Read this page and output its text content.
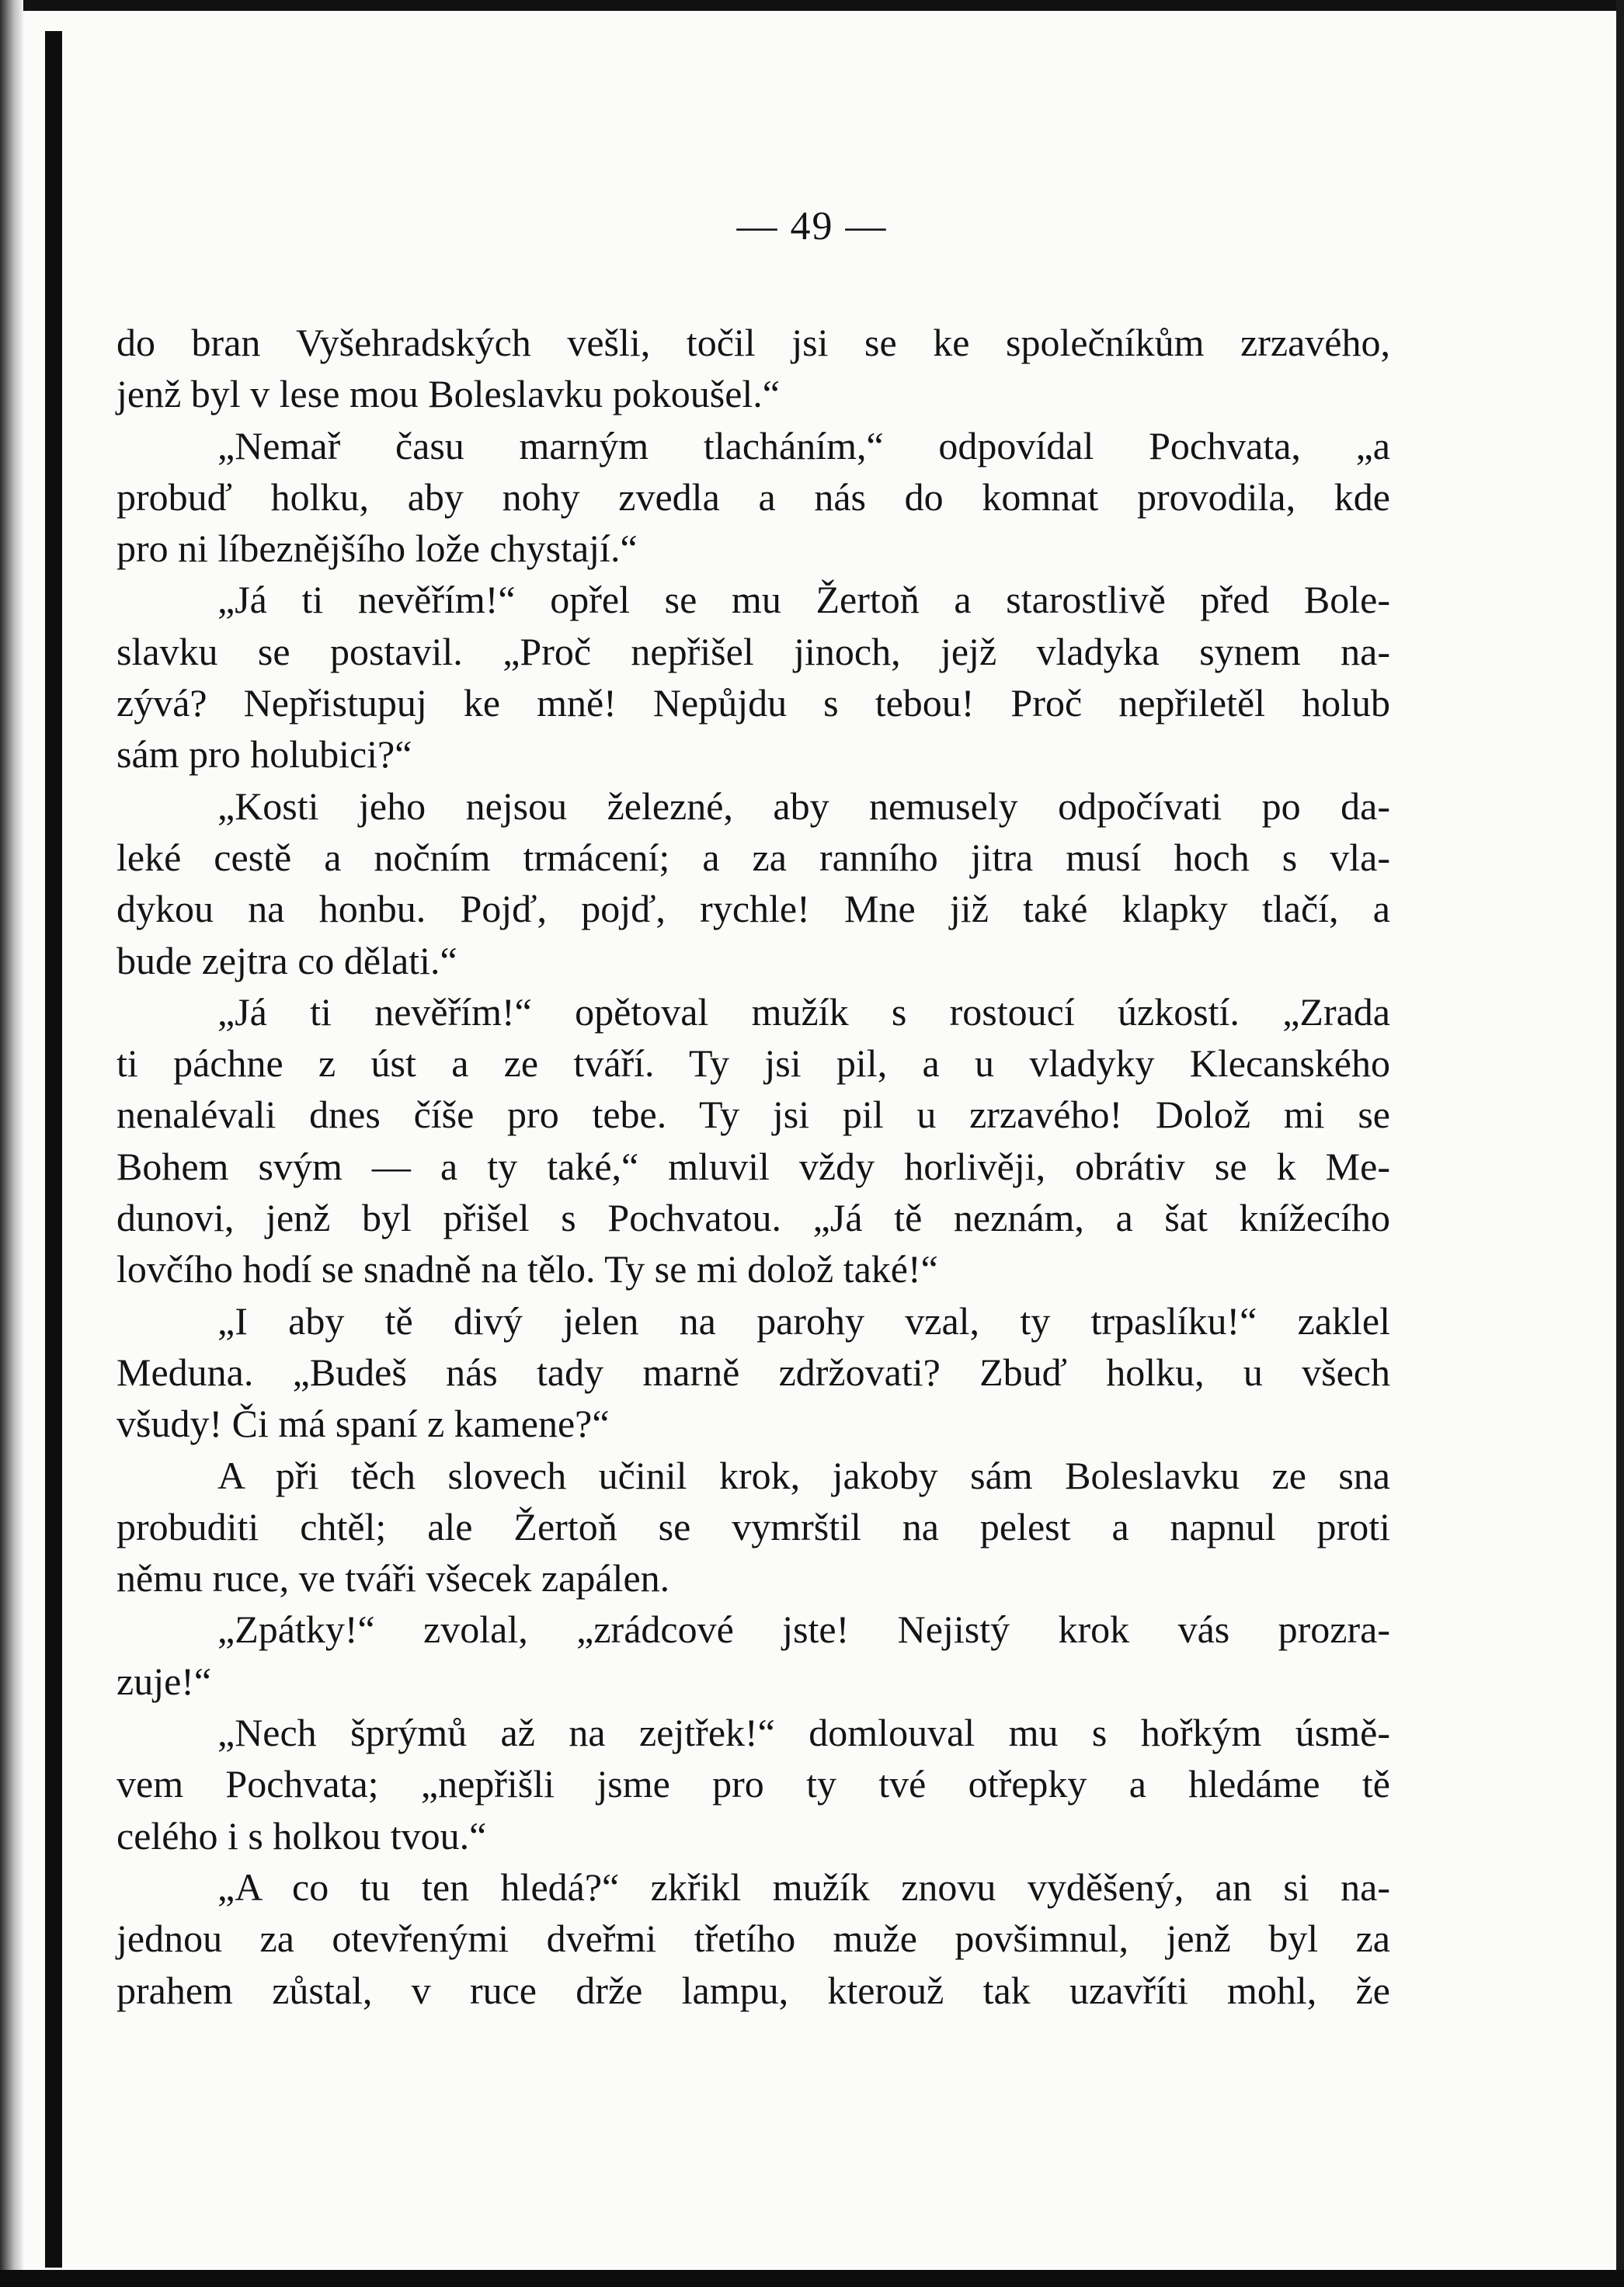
— 49 —
do bran Vyšehradských vešli, točil jsi se ke společníkům zrzavého,
jenž byl v lese mou Boleslavku pokoušel.“
„Nemař času marným tlacháním,“ odpovídal Pochvata, „a
probuď holku, aby nohy zvedla a nás do komnat provodila, kde
pro ni líbeznějšího lože chystají.“
„Já ti nevěřím!“ opřel se mu Žertoň a starostlivě před Bole-
slavku se postavil. „Proč nepřišel jinoch, jejž vladyka synem na-
zývá? Nepřistupuj ke mně! Nepůjdu s tebou! Proč nepřiletěl holub
sám pro holubici?“
„Kosti jeho nejsou železné, aby nemusely odpočívati po da-
leké cestě a nočním trmácení; a za ranního jitra musí hoch s vla-
dykou na honbu. Pojď, pojď, rychle! Mne již také klapky tlačí, a
bude zejtra co dělati.“
„Já ti nevěřím!“ opětoval mužík s rostoucí úzkostí. „Zrada
ti páchne z úst a ze tváří. Ty jsi pil, a u vladyky Klecanského
nenalévali dnes číše pro tebe. Ty jsi pil u zrzavého! Dolož mi se
Bohem svým — a ty také,“ mluvil vždy horlivěji, obrátiv se k Me-
dunovi, jenž byl přišel s Pochvatou. „Já tě neznám, a šat knížecího
lovčího hodí se snadně na tělo. Ty se mi dolož také!“
„I aby tě divý jelen na parohy vzal, ty trpaslíku!“ zaklel
Meduna. „Budeš nás tady marně zdržovati? Zbuď holku, u všech
všudy! Či má spaní z kamene?“
A při těch slovech učinil krok, jakoby sám Boleslavku ze sna
probuditi chtěl; ale Žertoň se vymrštil na pelest a napnul proti
němu ruce, ve tváři všecek zapálen.
„Zpátky!“ zvolal, „zrádcové jste! Nejistý krok vás prozra-
zuje!“
„Nech šprýmů až na zejtřek!“ domlouval mu s hořkým úsmě-
vem Pochvata; „nepřišli jsme pro ty tvé otřepky a hledáme tě
celého i s holkou tvou.“
„A co tu ten hledá?“ zkřikl mužík znovu vyděšený, an si na-
jednou za otevřenými dveřmi třetího muže povšimnul, jenž byl za
prahem zůstal, v ruce drže lampu, kterouž tak uzavříti mohl, že
